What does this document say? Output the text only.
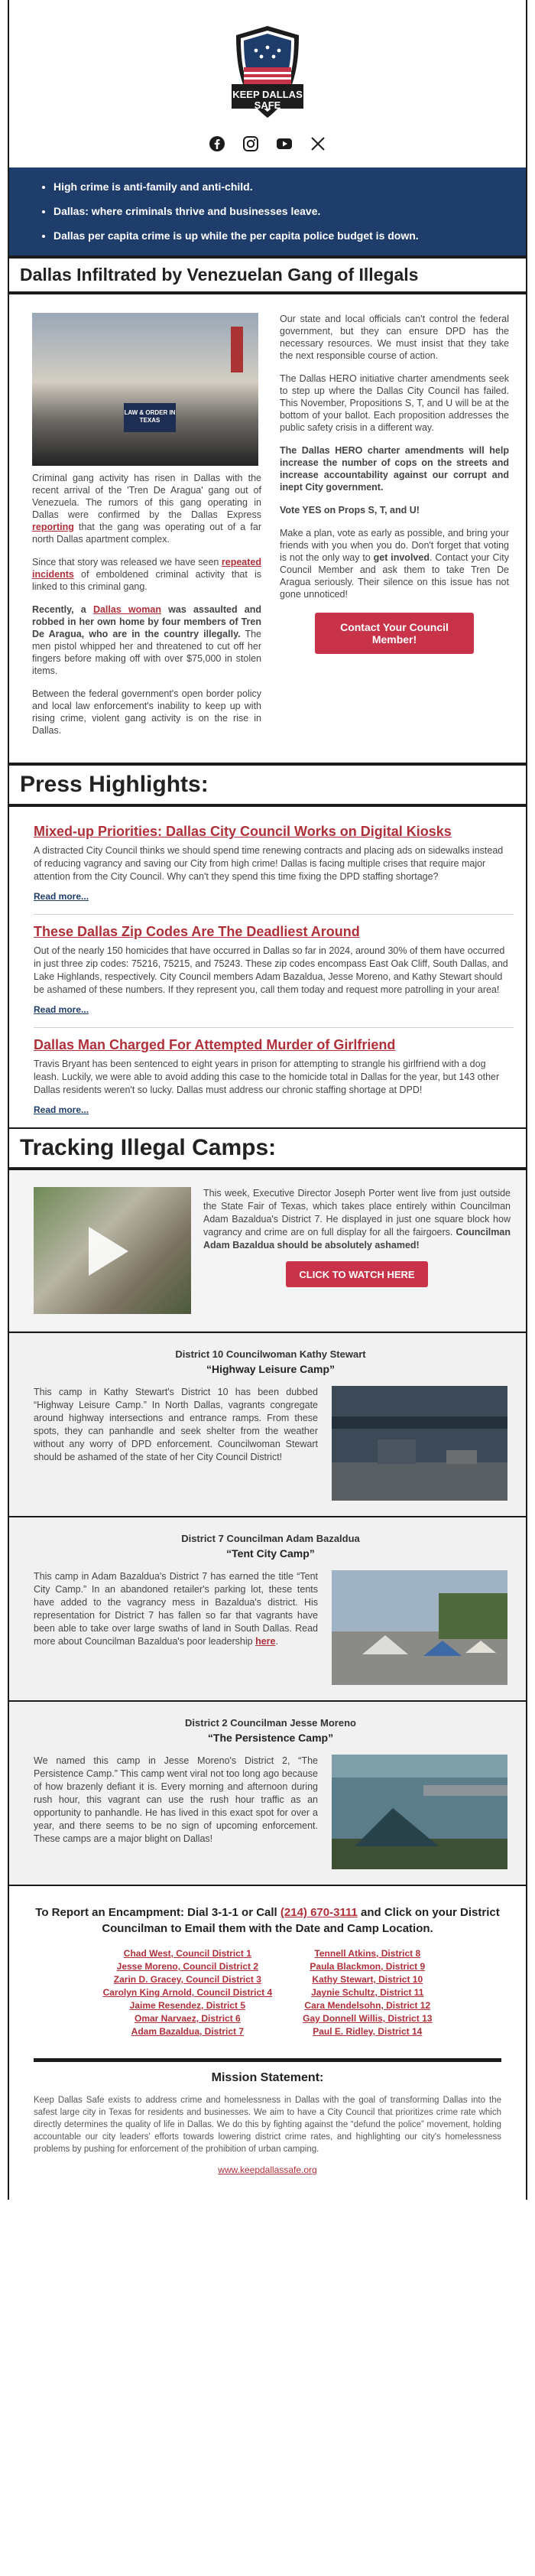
KEEP DALLAS
SAFE
• High crime is anti-family and anti-child.
• Dallas: where criminals thrive and businesses leave.
• Dallas per capita crime is up while the per capita police budget is down.
Dallas Infiltrated by Venezuelan Gang of Illegals
LAW & ORDER IN TEXAS

Criminal gang activity has risen in Dallas with the recent arrival of the 'Tren De Aragua' gang out of Venezuela. The rumors of this gang operating in Dallas were confirmed by the Dallas Express reporting that the gang was operating out of a far north Dallas apartment complex.

Since that story was released we have seen repeated incidents of emboldened criminal activity that is linked to this criminal gang.

Recently, a Dallas woman was assaulted and robbed in her own home by four members of Tren De Aragua, who are in the country illegally. The men pistol whipped her and threatened to cut off her fingers before making off with over $75,000 in stolen items.

Between the federal government's open border policy and local law enforcement's inability to keep up with rising crime, violent gang activity is on the rise in Dallas.

Our state and local officials can't control the federal government, but they can ensure DPD has the necessary resources. We must insist that they take the next responsible course of action.

The Dallas HERO initiative charter amendments seek to step up where the Dallas City Council has failed. This November, Propositions S, T, and U will be at the bottom of your ballot. Each proposition addresses the public safety crisis in a different way.

The Dallas HERO charter amendments will help increase the number of cops on the streets and increase accountability against our corrupt and inept City government.

Vote YES on Props S, T, and U!

Make a plan, vote as early as possible, and bring your friends with you when you do. Don't forget that voting is not the only way to get involved. Contact your City Council Member and ask them to take Tren De Aragua seriously. Their silence on this issue has not gone unnoticed!

Contact Your Council Member!
Press Highlights:
Mixed-up Priorities: Dallas City Council Works on Digital Kiosks

A distracted City Council thinks we should spend time renewing contracts and placing ads on sidewalks instead of reducing vagrancy and saving our City from high crime! Dallas is facing multiple crises that require major attention from the City Council. Why can't they spend this time fixing the DPD staffing shortage?

Read more...
These Dallas Zip Codes Are The Deadliest Around

Out of the nearly 150 homicides that have occurred in Dallas so far in 2024, around 30% of them have occurred in just three zip codes: 75216, 75215, and 75243. These zip codes encompass East Oak Cliff, South Dallas, and Lake Highlands, respectively. City Council members Adam Bazaldua, Jesse Moreno, and Kathy Stewart should be ashamed of these numbers. If they represent you, call them today and request more patrolling in your area!

Read more...
Dallas Man Charged For Attempted Murder of Girlfriend

Travis Bryant has been sentenced to eight years in prison for attempting to strangle his girlfriend with a dog leash. Luckily, we were able to avoid adding this case to the homicide total in Dallas for the year, but 143 other Dallas residents weren't so lucky. Dallas must address our chronic staffing shortage at DPD!

Read more...
Tracking Illegal Camps:
This week, Executive Director Joseph Porter went live from just outside the State Fair of Texas, which takes place entirely within Councilman Adam Bazaldua's District 7. He displayed in just one square block how vagrancy and crime are on full display for all the fairgoers. Councilman Adam Bazaldua should be absolutely ashamed!
CLICK TO WATCH HERE
District 10 Councilwoman Kathy Stewart
“Highway Leisure Camp”
This camp in Kathy Stewart's District 10 has been dubbed “Highway Leisure Camp.” In North Dallas, vagrants congregate around highway intersections and entrance ramps. From these spots, they can panhandle and seek shelter from the weather without any worry of DPD enforcement. Councilwoman Stewart should be ashamed of the state of her City Council District!
District 7 Councilman Adam Bazaldua
“Tent City Camp”
This camp in Adam Bazaldua's District 7 has earned the title “Tent City Camp.” In an abandoned retailer's parking lot, these tents have added to the vagrancy mess in Bazaldua's district. His representation for District 7 has fallen so far that vagrants have been able to take over large swaths of land in South Dallas. Read more about Councilman Bazaldua's poor leadership here.
District 2 Councilman Jesse Moreno
“The Persistence Camp”
We named this camp in Jesse Moreno's District 2, “The Persistence Camp.” This camp went viral not too long ago because of how brazenly defiant it is. Every morning and afternoon during rush hour, this vagrant can use the rush hour traffic as an opportunity to panhandle. He has lived in this exact spot for over a year, and there seems to be no sign of upcoming enforcement. These camps are a major blight on Dallas!
To Report an Encampment: Dial 3-1-1 or Call (214) 670-3111 and Click on your District Councilman to Email them with the Date and Camp Location.
Chad West, Council District 1
Jesse Moreno, Council District 2
Zarin D. Gracey, Council District 3
Carolyn King Arnold, Council District 4
Jaime Resendez, District 5
Omar Narvaez, District 6
Adam Bazaldua, District 7
Tennell Atkins, District 8
Paula Blackmon, District 9
Kathy Stewart, District 10
Jaynie Schultz, District 11
Cara Mendelsohn, District 12
Gay Donnell Willis, District 13
Paul E. Ridley, District 14
Mission Statement:

Keep Dallas Safe exists to address crime and homelessness in Dallas with the goal of transforming Dallas into the safest large city in Texas for residents and businesses. We aim to have a City Council that prioritizes crime rate which directly determines the quality of life in Dallas. We do this by fighting against the “defund the police” movement, holding accountable our city leaders' efforts towards lowering district crime rates, and highlighting our city's homelessness problems by pushing for enforcement of the prohibition of urban camping.

www.keepdallassafe.org
